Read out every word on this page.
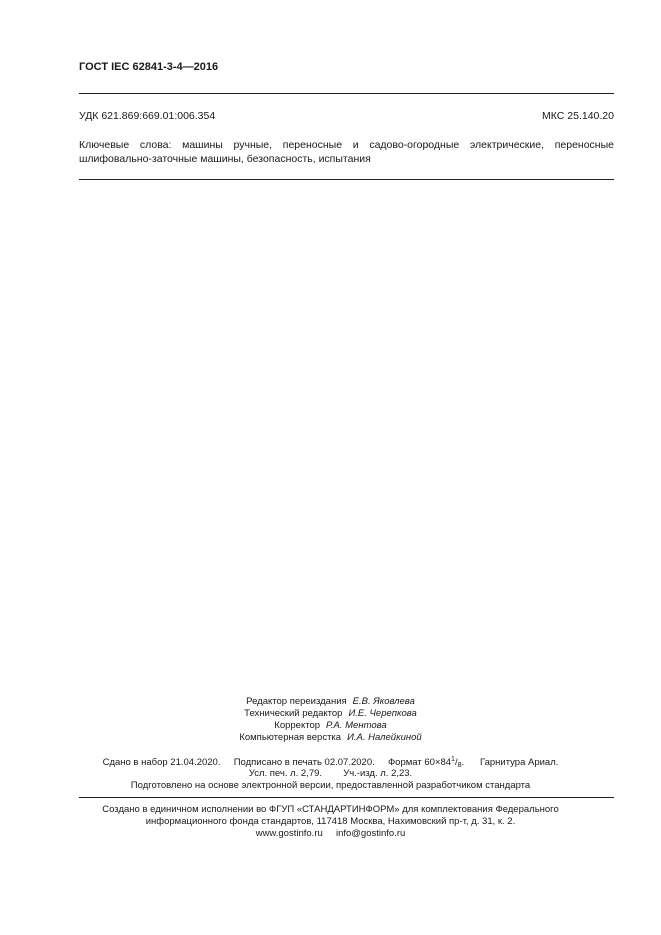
ГОСТ IEC 62841-3-4—2016
УДК 621.869:669.01:006.354	МКС 25.140.20
Ключевые слова: машины ручные, переносные и садово-огородные электрические, переносные шлифовально-заточные машины, безопасность, испытания
Редактор переиздания Е.В. Яковлева
Технический редактор И.Е. Черепкова
Корректор Р.А. Ментова
Компьютерная верстка И.А. Налейкиной
Сдано в набор 21.04.2020. Подписано в печать 02.07.2020. Формат $60\times 84^1/_8$. Гарнитура Ариал.
Усл. печ. л. 2,79. Уч.-изд. л. 2,23.
Подготовлено на основе электронной версии, предоставленной разработчиком стандарта
Создано в единичном исполнении во ФГУП «СТАНДАРТИНФОРМ» для комплектования Федерального
информационного фонда стандартов, 117418 Москва, Нахимовский пр-т, д. 31, к. 2.
www.gostinfo.ru info@gostinfo.ru
